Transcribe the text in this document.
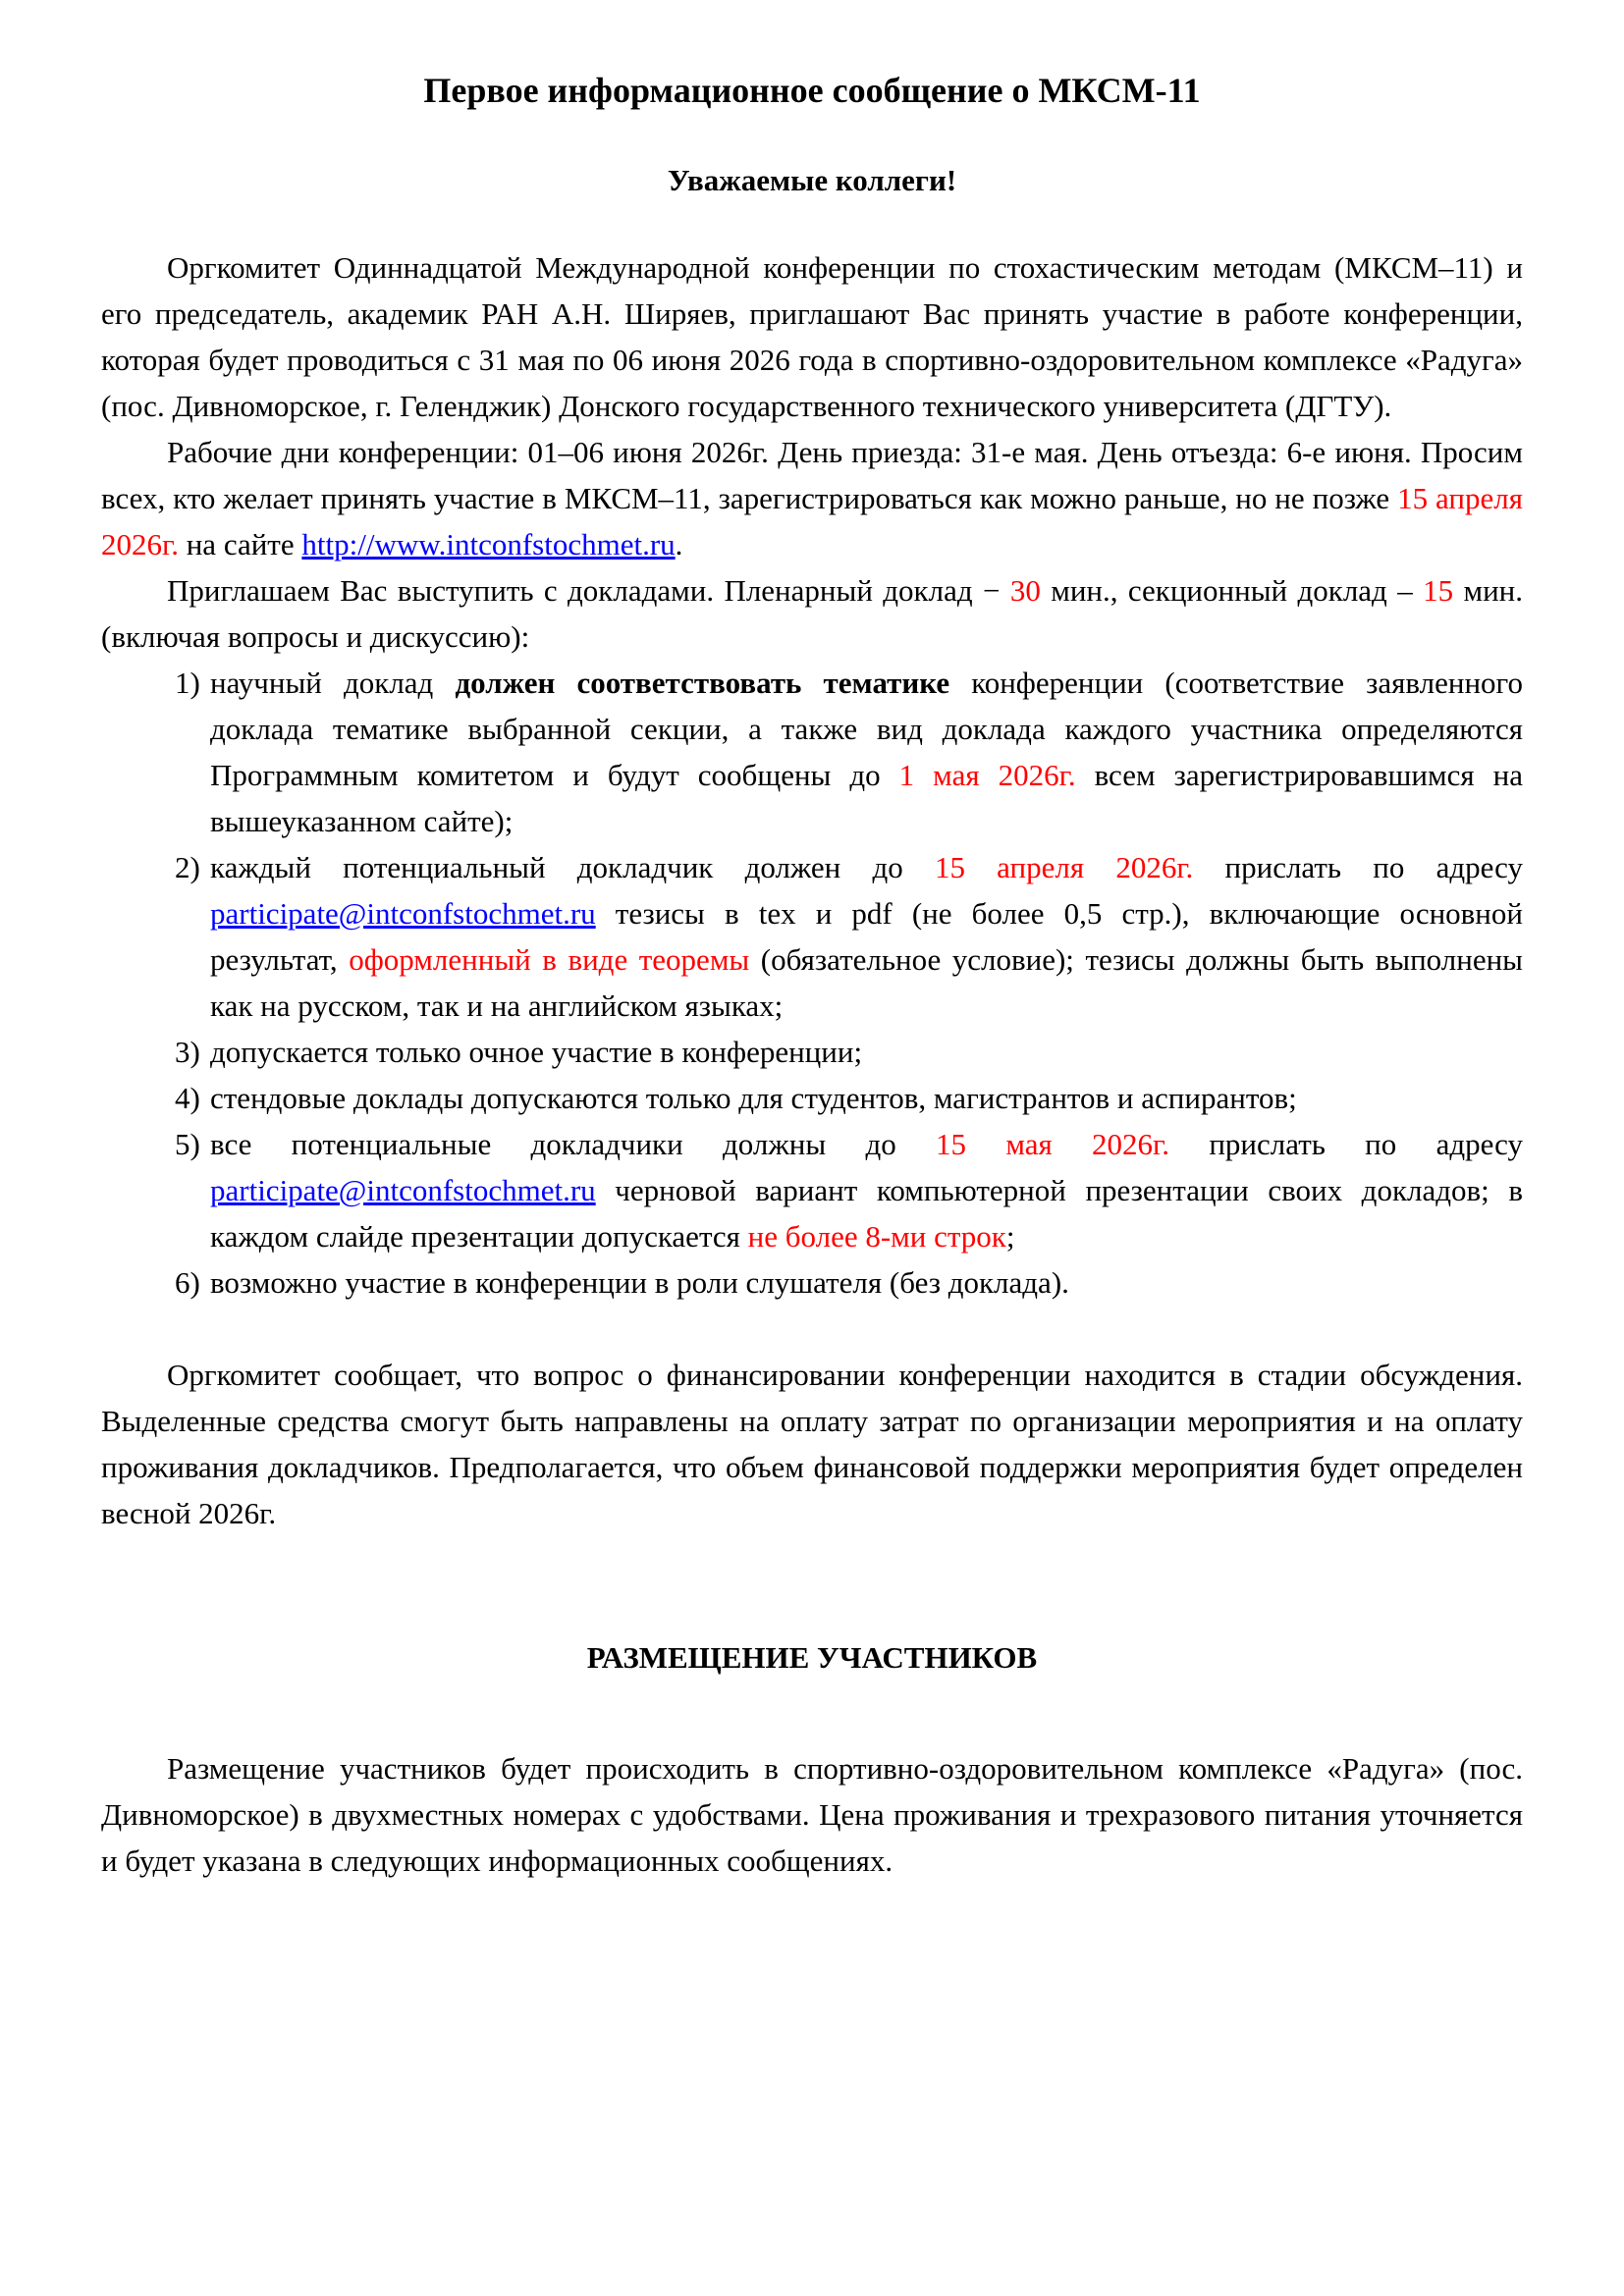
Первое информационное сообщение о МКСМ-11

Уважаемые коллеги!

Оргкомитет Одиннадцатой Международной конференции по стохастическим методам (МКСМ–11) и его председатель, академик РАН А.Н. Ширяев, приглашают Вас принять участие в работе конференции, которая будет проводиться с 31 мая по 06 июня 2026 года в спортивно-оздоровительном комплексе «Радуга» (пос. Дивноморское, г. Геленджик) Донского государственного технического университета (ДГТУ).

Рабочие дни конференции: 01–06 июня 2026г. День приезда: 31-е мая. День отъезда: 6-е июня. Просим всех, кто желает принять участие в МКСМ–11, зарегистрироваться как можно раньше, но не позже 15 апреля 2026г. на сайте http://www.intconfstochmet.ru.

Приглашаем Вас выступить с докладами. Пленарный доклад − 30 мин., секционный доклад – 15 мин. (включая вопросы и дискуссию):

1) научный доклад должен соответствовать тематике конференции (соответствие заявленного доклада тематике выбранной секции, а также вид доклада каждого участника определяются Программным комитетом и будут сообщены до 1 мая 2026г. всем зарегистрировавшимся на вышеуказанном сайте);
2) каждый потенциальный докладчик должен до 15 апреля 2026г. прислать по адресу participate@intconfstochmet.ru тезисы в tex и pdf (не более 0,5 стр.), включающие основной результат, оформленный в виде теоремы (обязательное условие); тезисы должны быть выполнены как на русском, так и на английском языках;
3) допускается только очное участие в конференции;
4) стендовые доклады допускаются только для студентов, магистрантов и аспирантов;
5) все потенциальные докладчики должны до 15 мая 2026г. прислать по адресу participate@intconfstochmet.ru черновой вариант компьютерной презентации своих докладов; в каждом слайде презентации допускается не более 8-ми строк;
6) возможно участие в конференции в роли слушателя (без доклада).

Оргкомитет сообщает, что вопрос о финансировании конференции находится в стадии обсуждения. Выделенные средства смогут быть направлены на оплату затрат по организации мероприятия и на оплату проживания докладчиков. Предполагается, что объем финансовой поддержки мероприятия будет определен весной 2026г.

РАЗМЕЩЕНИЕ УЧАСТНИКОВ

Размещение участников будет происходить в спортивно-оздоровительном комплексе «Радуга» (пос. Дивноморское) в двухместных номерах с удобствами. Цена проживания и трехразового питания уточняется и будет указана в следующих информационных сообщениях.
